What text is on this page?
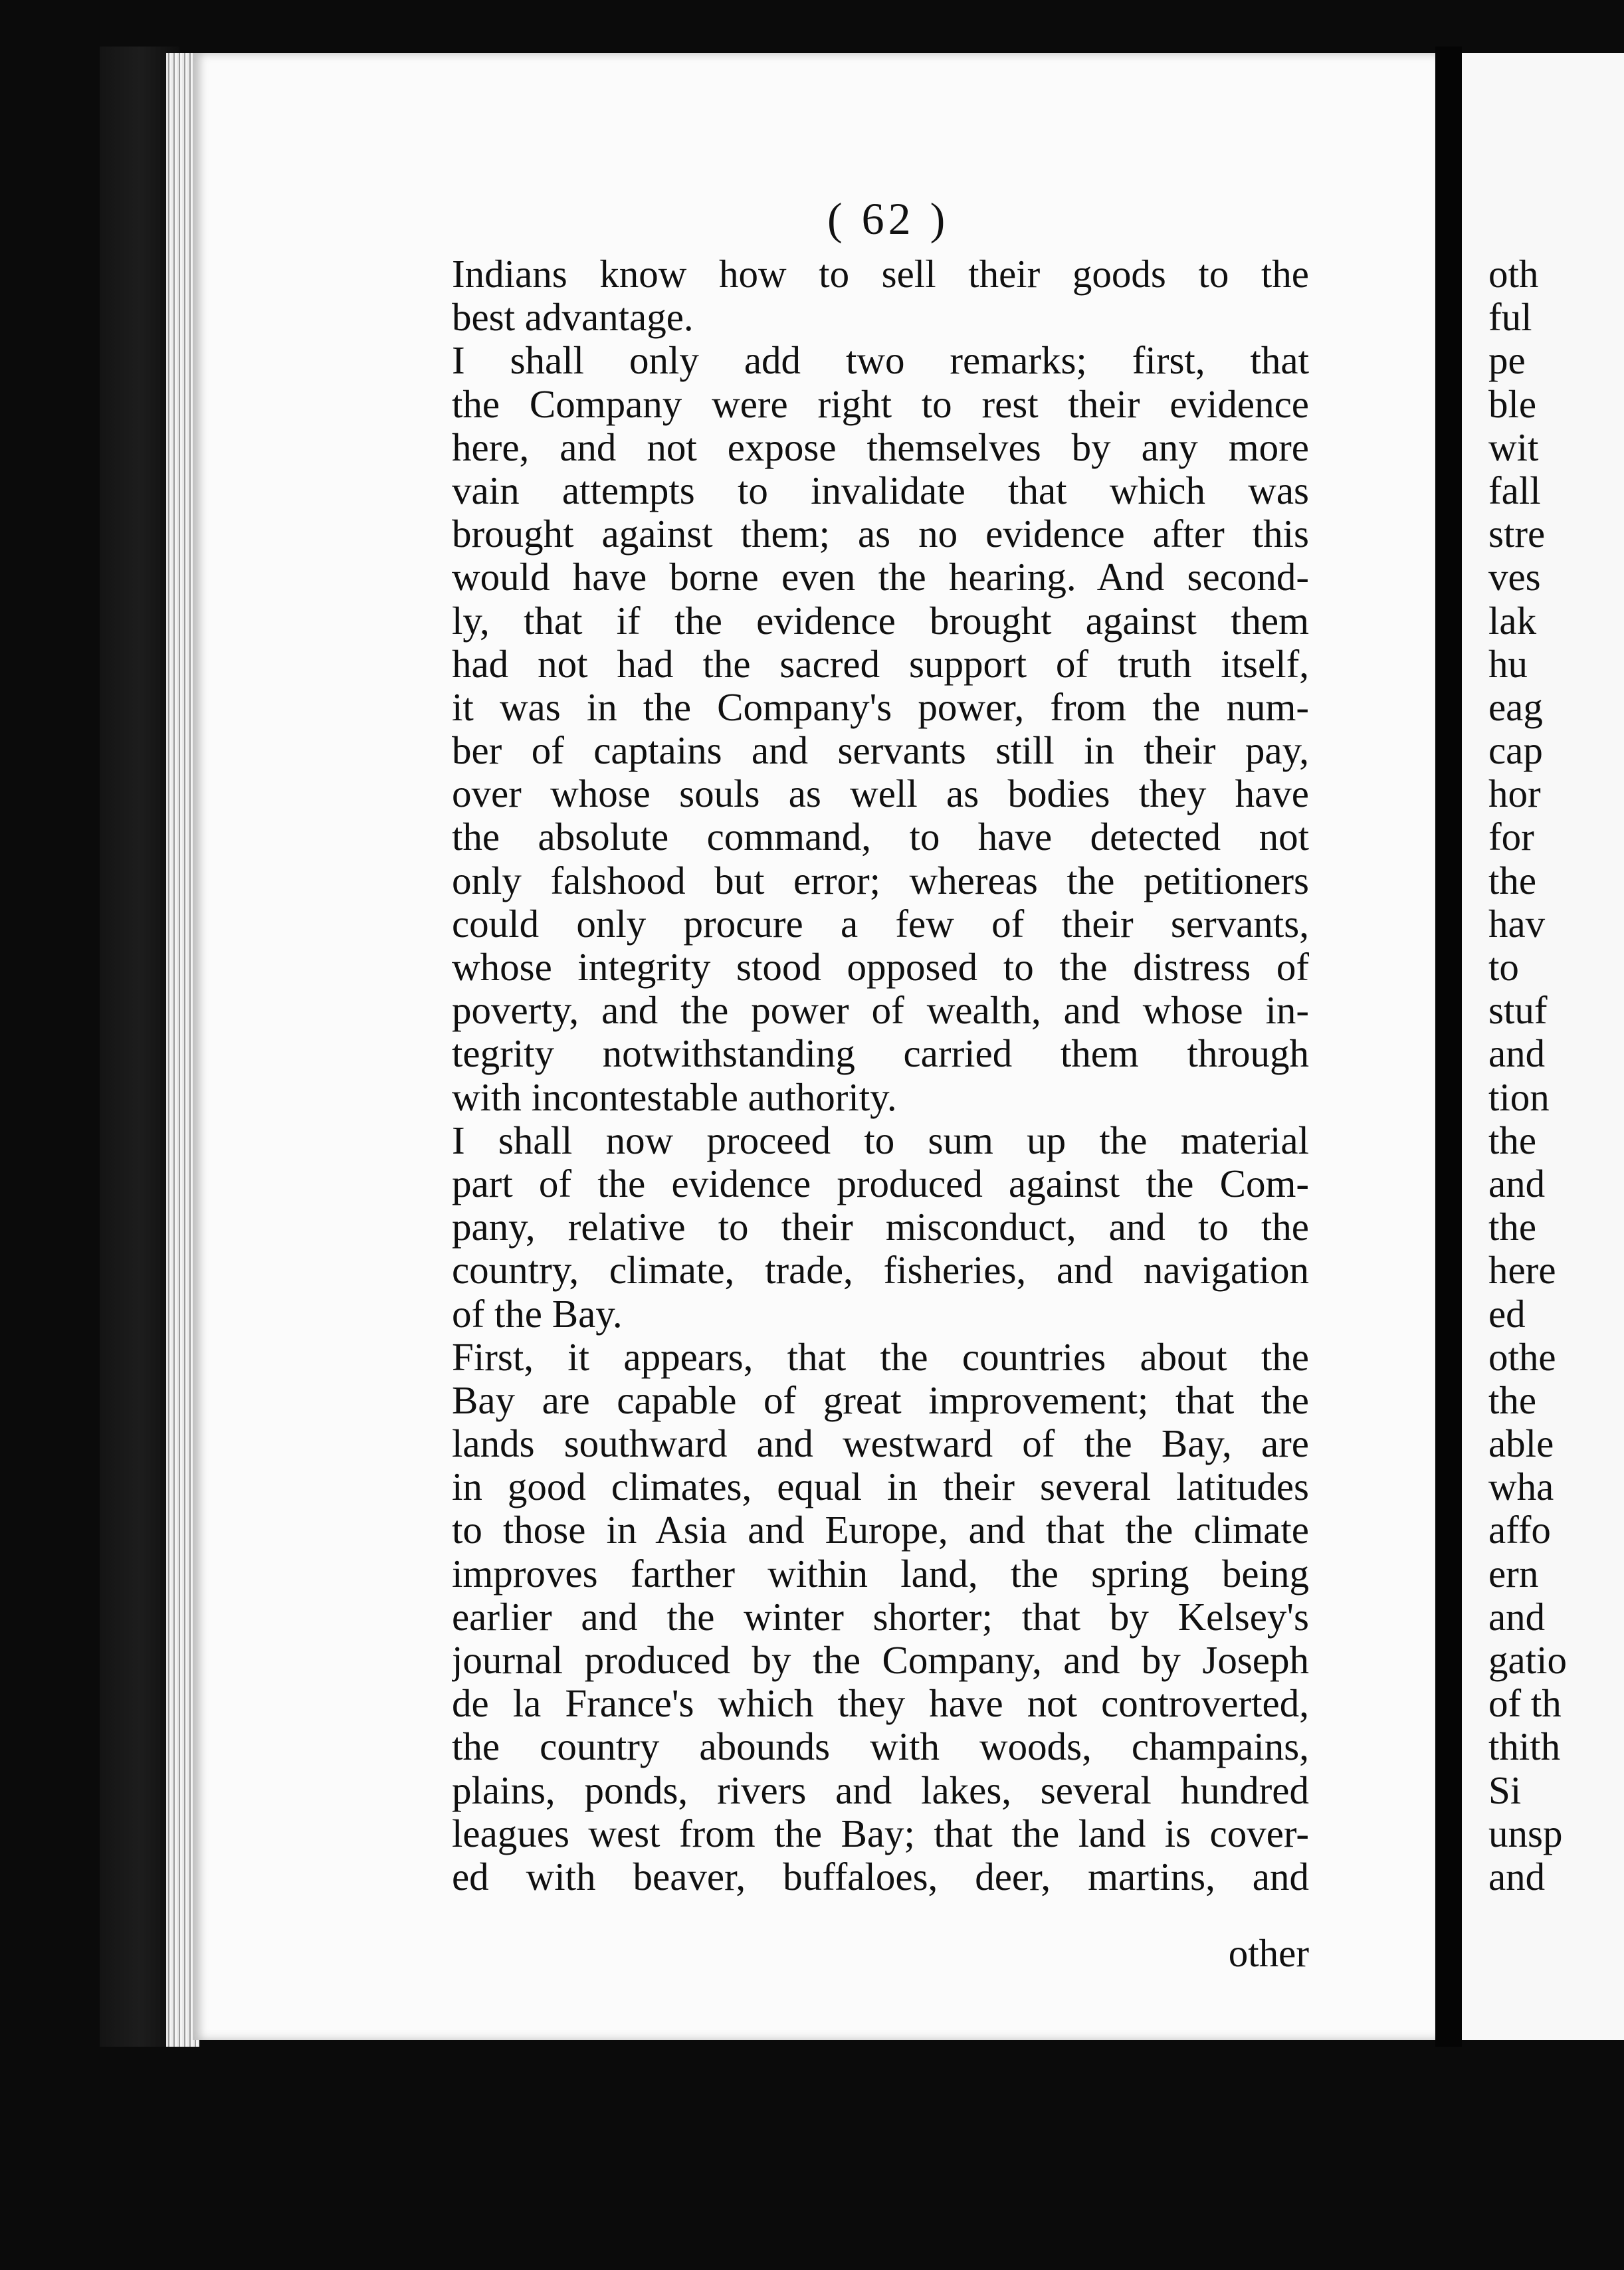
( 62 )
Indians know how to sell their goods to the
best advantage.
I shall only add two remarks; first, that
the Company were right to rest their evidence
here, and not expose themselves by any more
vain attempts to invalidate that which was
brought against them; as no evidence after this
would have borne even the hearing. And second-
ly, that if the evidence brought against them
had not had the sacred support of truth itself,
it was in the Company's power, from the num-
ber of captains and servants still in their pay,
over whose souls as well as bodies they have
the absolute command, to have detected not
only falshood but error; whereas the petitioners
could only procure a few of their servants,
whose integrity stood opposed to the distress of
poverty, and the power of wealth, and whose in-
tegrity notwithstanding carried them through
with incontestable authority.
I shall now proceed to sum up the material
part of the evidence produced against the Com-
pany, relative to their misconduct, and to the
country, climate, trade, fisheries, and navigation
of the Bay.
First, it appears, that the countries about the
Bay are capable of great improvement; that the
lands southward and westward of the Bay, are
in good climates, equal in their several latitudes
to those in Asia and Europe, and that the climate
improves farther within land, the spring being
earlier and the winter shorter; that by Kelsey's
journal produced by the Company, and by Joseph
de la France's which they have not controverted,
the country abounds with woods, champains,
plains, ponds, rivers and lakes, several hundred
leagues west from the Bay; that the land is cover-
ed with beaver, buffaloes, deer, martins, and
other
oth
ful
pe
ble
wit
fall
stre
ves
lak
hu
eag
cap
hor
for
the
hav
to
stuf
and
tion
the
and
the
here
ed
othe
the
able
wha
affo
ern
and
gatio
of th
thith
Si
unsp
and
